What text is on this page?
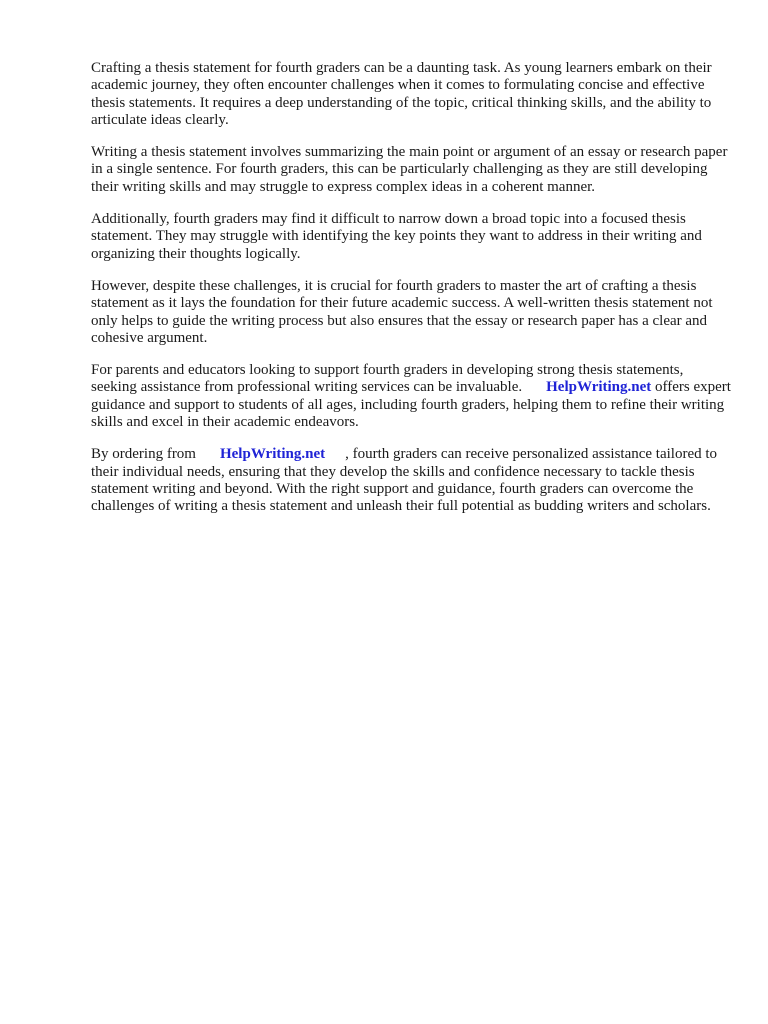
Crafting a thesis statement for fourth graders can be a daunting task. As young learners embark on their academic journey, they often encounter challenges when it comes to formulating concise and effective thesis statements. It requires a deep understanding of the topic, critical thinking skills, and the ability to articulate ideas clearly.

Writing a thesis statement involves summarizing the main point or argument of an essay or research paper in a single sentence. For fourth graders, this can be particularly challenging as they are still developing their writing skills and may struggle to express complex ideas in a coherent manner.

Additionally, fourth graders may find it difficult to narrow down a broad topic into a focused thesis statement. They may struggle with identifying the key points they want to address in their writing and organizing their thoughts logically.

However, despite these challenges, it is crucial for fourth graders to master the art of crafting a thesis statement as it lays the foundation for their future academic success. A well-written thesis statement not only helps to guide the writing process but also ensures that the essay or research paper has a clear and cohesive argument.

For parents and educators looking to support fourth graders in developing strong thesis statements, seeking assistance from professional writing services can be invaluable. HelpWriting.net offers expert guidance and support to students of all ages, including fourth graders, helping them to refine their writing skills and excel in their academic endeavors.

By ordering from HelpWriting.net , fourth graders can receive personalized assistance tailored to their individual needs, ensuring that they develop the skills and confidence necessary to tackle thesis statement writing and beyond. With the right support and guidance, fourth graders can overcome the challenges of writing a thesis statement and unleash their full potential as budding writers and scholars.
